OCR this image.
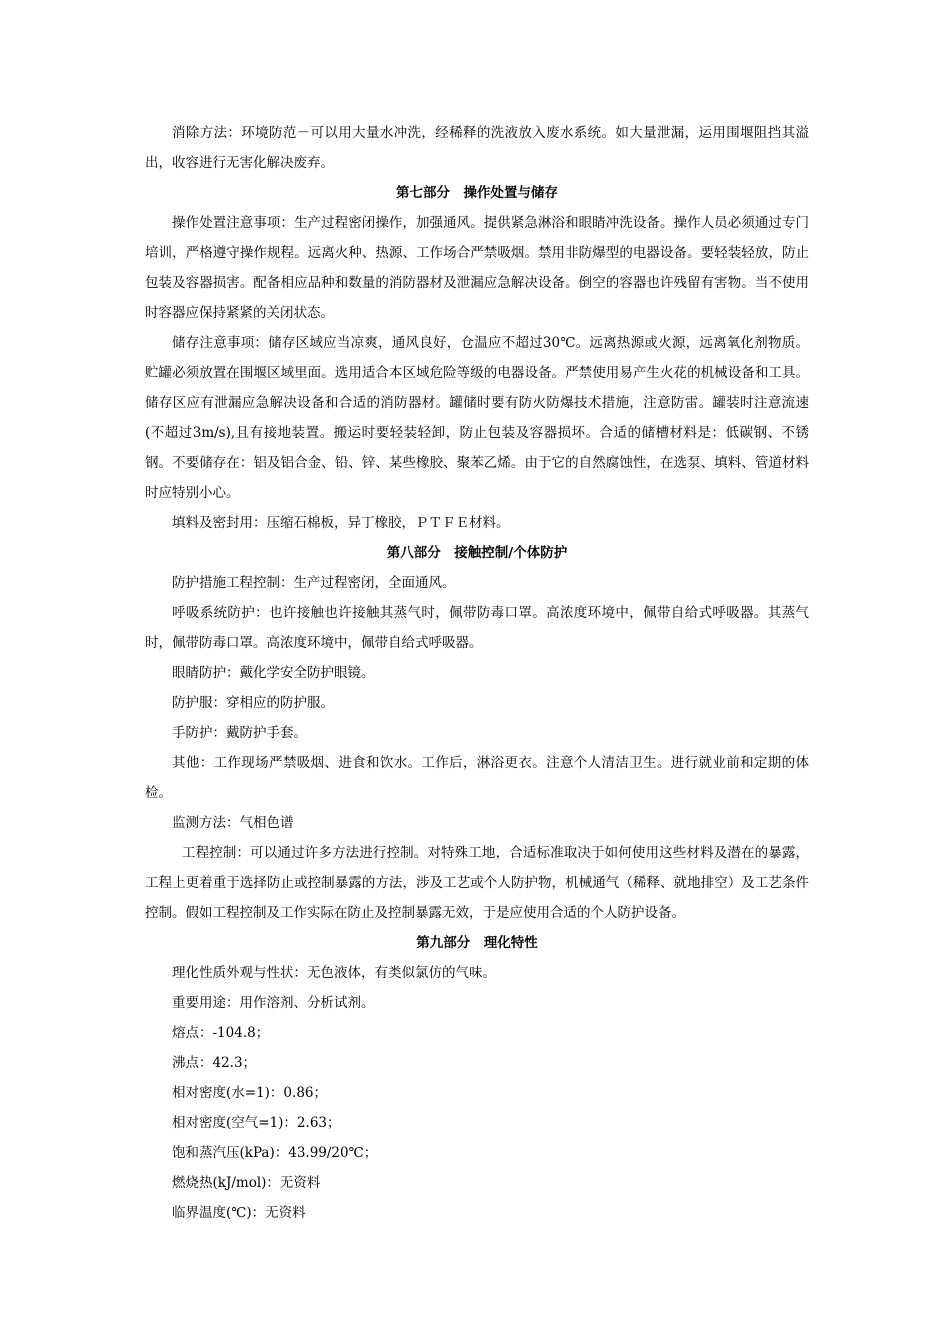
消除方法：环境防范－可以用大量水冲洗，经稀释的洗液放入废水系统。如大量泄漏，运用围堰阻挡其溢出，收容进行无害化解决废弃。

第七部分　操作处置与储存

操作处置注意事项：生产过程密闭操作，加强通风。提供紧急淋浴和眼睛冲洗设备。操作人员必须通过专门培训，严格遵守操作规程。远离火种、热源、工作场合严禁吸烟。禁用非防爆型的电器设备。要轻装轻放，防止包装及容器损害。配备相应品种和数量的消防器材及泄漏应急解决设备。倒空的容器也许残留有害物。当不使用时容器应保持紧紧的关闭状态。

储存注意事项：储存区域应当凉爽，通风良好，仓温应不超过30℃。远离热源或火源，远离氧化剂物质。贮罐必须放置在围堰区域里面。选用适合本区域危险等级的电器设备。严禁使用易产生火花的机械设备和工具。储存区应有泄漏应急解决设备和合适的消防器材。罐储时要有防火防爆技术措施，注意防雷。罐装时注意流速(不超过3m/s),且有接地装置。搬运时要轻装轻卸，防止包装及容器损坏。合适的储槽材料是：低碳钢、不锈钢。不要储存在：铝及铝合金、铅、锌、某些橡胶、聚苯乙烯。由于它的自然腐蚀性，在选泵、填料、管道材料时应特别小心。

填料及密封用：压缩石棉板，异丁橡胶，ＰＴＦＥ材料。

第八部分　接触控制/个体防护

防护措施工程控制：生产过程密闭，全面通风。

呼吸系统防护：也许接触也许接触其蒸气时，佩带防毒口罩。高浓度环境中，佩带自给式呼吸器。其蒸气时，佩带防毒口罩。高浓度环境中，佩带自给式呼吸器。

眼睛防护：戴化学安全防护眼镜。

防护服：穿相应的防护服。

手防护：戴防护手套。

其他：工作现场严禁吸烟、进食和饮水。工作后，淋浴更衣。注意个人清洁卫生。进行就业前和定期的体检。

监测方法：气相色谱

工程控制：可以通过许多方法进行控制。对特殊工地，合适标准取决于如何使用这些材料及潜在的暴露，工程上更着重于选择防止或控制暴露的方法，涉及工艺或个人防护物，机械通气（稀释、就地排空）及工艺条件控制。假如工程控制及工作实际在防止及控制暴露无效，于是应使用合适的个人防护设备。

第九部分　理化特性

理化性质外观与性状：无色液体，有类似氯仿的气味。

重要用途：用作溶剂、分析试剂。

熔点：-104.8；

沸点：42.3；

相对密度(水=1)：0.86；

相对密度(空气=1)：2.63；

饱和蒸汽压(kPa)：43.99/20℃；

燃烧热(kJ/mol)：无资料

临界温度(℃)：无资料
